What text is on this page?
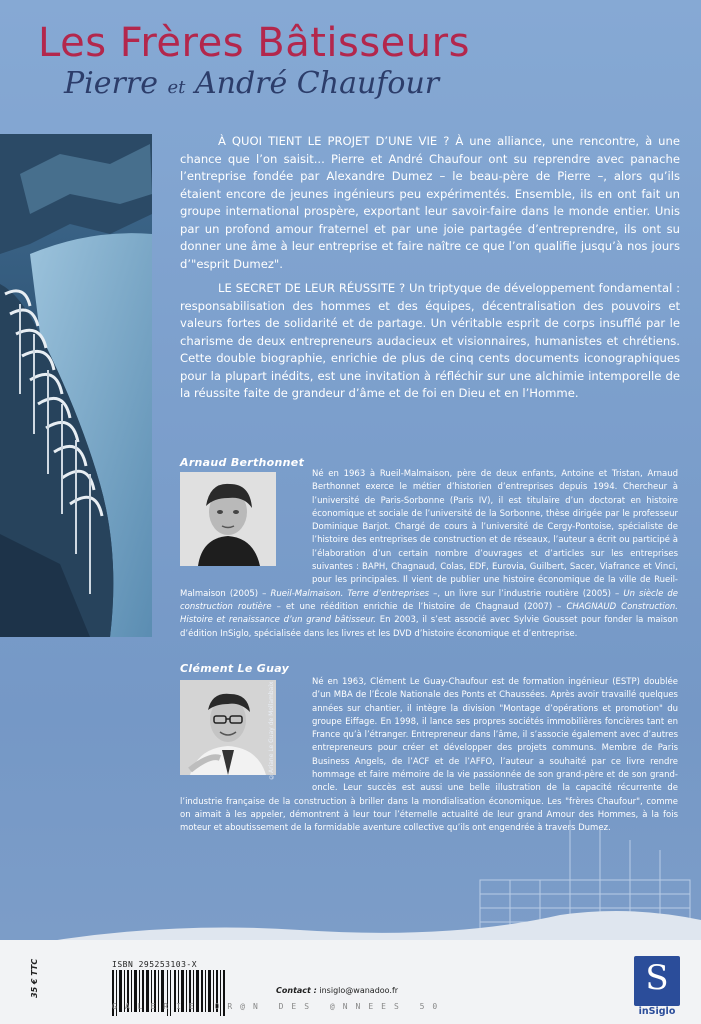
Les Frères Bâtisseurs
Pierre et André Chaufour

À QUOI TIENT LE PROJET D’UNE VIE ? À une alliance, une rencontre, à une chance que l’on saisit... Pierre et André Chaufour ont su reprendre avec panache l’entreprise fondée par Alexandre Dumez – le beau-père de Pierre –, alors qu’ils étaient encore de jeunes ingénieurs peu expérimentés. Ensemble, ils en ont fait un groupe international prospère, exportant leur savoir-faire dans le monde entier. Unis par un profond amour fraternel et par une joie partagée d’entreprendre, ils ont su donner une âme à leur entreprise et faire naître ce que l’on qualifie jusqu’à nos jours d’"esprit Dumez".

LE SECRET DE LEUR RÉUSSITE ? Un triptyque de développement fondamental : responsabilisation des hommes et des équipes, décentralisation des pouvoirs et valeurs fortes de solidarité et de partage. Un véritable esprit de corps insufflé par le charisme de deux entrepreneurs audacieux et visionnaires, humanistes et chrétiens. Cette double biographie, enrichie de plus de cinq cents documents iconographiques pour la plupart inédits, est une invitation à réfléchir sur une alchimie intemporelle de la réussite faite de grandeur d’âme et de foi en Dieu et en l’Homme.

Arnaud Berthonnet

Né en 1963 à Rueil-Malmaison, père de deux enfants, Antoine et Tristan, Arnaud Berthonnet exerce le métier d’historien d’entreprises depuis 1994. Chercheur à l’université de Paris-Sorbonne (Paris IV), il est titulaire d’un doctorat en histoire économique et sociale de l’université de la Sorbonne, thèse dirigée par le professeur Dominique Barjot. Chargé de cours à l’université de Cergy-Pontoise, spécialiste de l’histoire des entreprises de construction et de réseaux, l’auteur a écrit ou participé à l’élaboration d’un certain nombre d’ouvrages et d’articles sur les entreprises suivantes : BAPH, Chagnaud, Colas, EDF, Eurovia, Guilbert, Sacer, Viafrance et Vinci, pour les principales. Il vient de publier une histoire économique de la ville de Rueil-Malmaison (2005) – Rueil-Malmaison. Terre d’entreprises –, un livre sur l’industrie routière (2005) – Un siècle de construction routière – et une réédition enrichie de l’histoire de Chagnaud (2007) – CHAGNAUD Construction. Histoire et renaissance d’un grand bâtisseur. En 2003, il s’est associé avec Sylvie Gousset pour fonder la maison d’édition InSiglo, spécialisée dans les livres et les DVD d’histoire économique et d’entreprise.

Clément Le Guay
©Ariane Le Guay de Mollambaix	Né en 1963, Clément Le Guay-Chaufour est de formation ingénieur (ESTP) doublée d’un MBA de l’École Nationale des Ponts et Chaussées. Après avoir travaillé quelques années sur chantier, il intègre la division "Montage d’opérations et promotion" du groupe Eiffage. En 1998, il lance ses propres sociétés immobilières foncières tant en France qu’à l’étranger. Entrepreneur dans l’âme, il s’associe également avec d’autres entrepreneurs pour créer et développer des projets communs. Membre de Paris Business Angels, de l’ACF et de l’AFFO, l’auteur a souhaité par ce livre rendre hommage et faire mémoire de la vie passionnée de son grand-père et de son grand-oncle. Leur succès est aussi une belle illustration de la capacité récurrente de l’industrie française de la construction à briller dans la mondialisation économique. Les "frères Chaufour", comme on aimait à les appeler, démontrent à leur tour l’éternelle actualité de leur grand Amour des Hommes, à la fois moteur et aboutissement de la formidable aventure collective qu’ils ont engendrée à travers Dumez.

35 € TTC	ISBN 295253103-X
Contact : insiglo@wanadoo.fr
GALERIE OR@N DES @NNEES 50
S
inSiglo
